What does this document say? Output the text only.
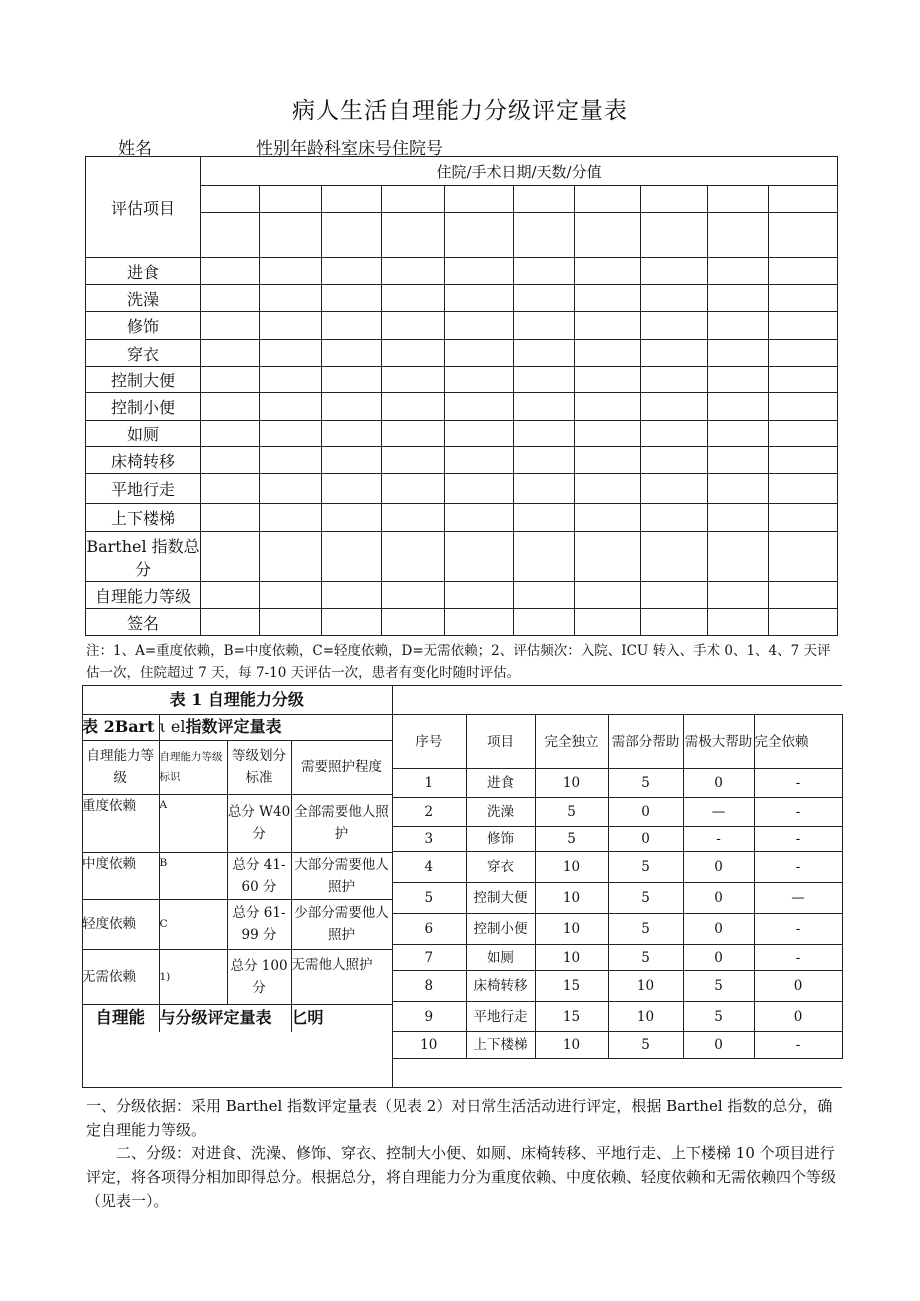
病人生活自理能力分级评定量表
姓名	性别年龄科室床号住院号
评估项目	住院/手术日期/天数/分值									

进食										
洗澡										
修饰										
穿衣										
控制大便										
控制小便										
如厕										
床椅转移										
平地行走										
上下楼梯										
Barthel 指数总分										
自理能力等级										
签名										
注：1、A=重度依赖，B=中度依赖，C=轻度依赖，D=无需依赖；2、评估频次：入院、ICU 转入、手术 0、1、4、7 天评估一次，住院超过 7 天，每 7-10 天评估一次，患者有变化时随时评估。
表 1 自理能力分级			
表 2Bart	ι el指数评定量表		
自理能力等级	自理能力等级标识	等级划分标准	需要照护程度
重度依赖	A	总分 W40 分	全部需要他人照护
中度依赖	B	总分 41-60 分	大部分需要他人照护
轻度依赖	C	总分 61-99 分	少部分需要他人照护
无需依赖	1)	总分 100 分	无需他人照护
自理能	与分级评定量表		匕明
序号	项目	完全独立	需部分帮助	需极大帮助	完全依赖
1	进食	10	5	0	-
2	洗澡	5	0	—	-
3	修饰	5	0	-	-
4	穿衣	10	5	0	-
5	控制大便	10	5	0	—
6	控制小便	10	5	0	-
7	如厕	10	5	0	-
8	床椅转移	15	10	5	0
9	平地行走	15	10	5	0
10	上下楼梯	10	5	0	-
一、分级依据：采用 Barthel 指数评定量表（见表 2）对日常生活活动进行评定，根据 Barthel 指数的总分，确定自理能力等级。
二、分级：对进食、洗澡、修饰、穿衣、控制大小便、如厕、床椅转移、平地行走、上下楼梯 10 个项目进行评定，将各项得分相加即得总分。根据总分，将自理能力分为重度依赖、中度依赖、轻度依赖和无需依赖四个等级（见表一）。
